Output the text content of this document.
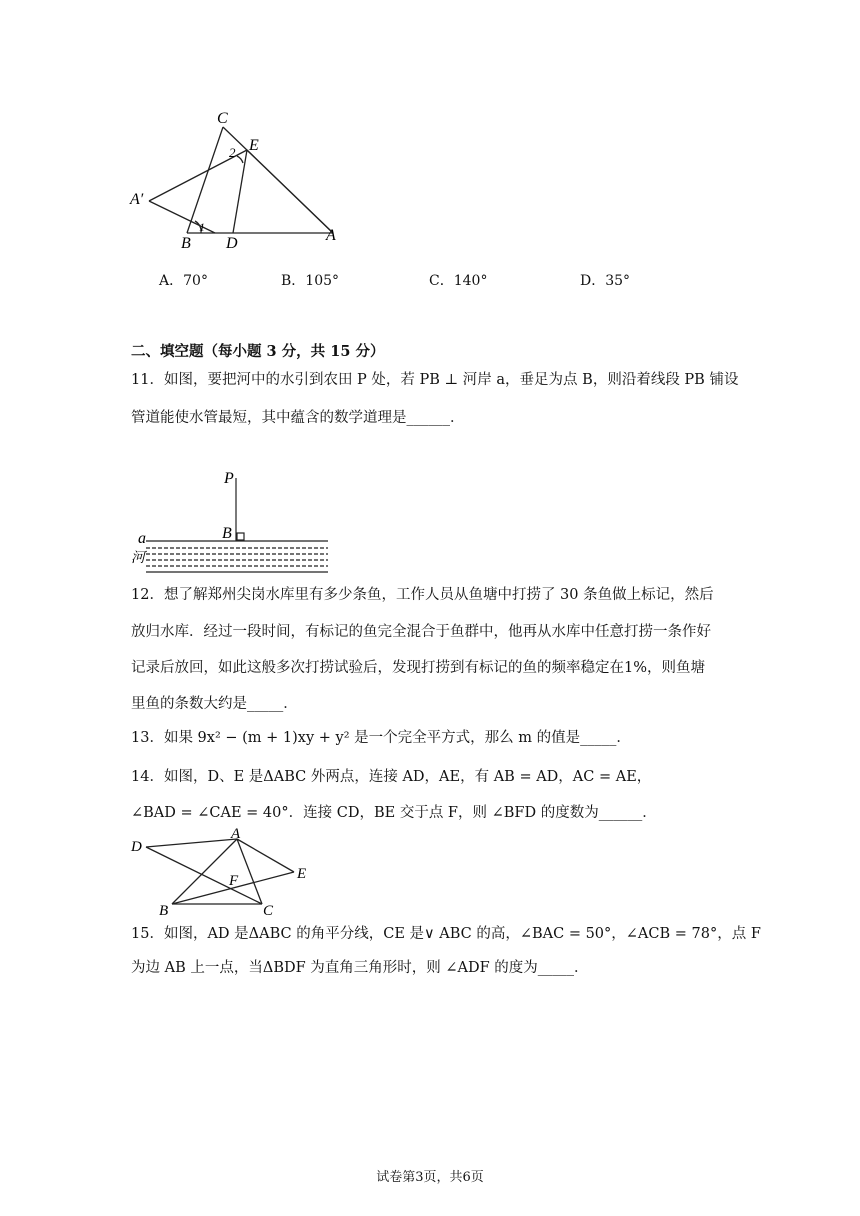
C
E
2
A′
B
1
D	A
A．70°	B．105°	C．140°	D．35°
二、填空题（每小题 3 分，共 15 分）
11．如图，要把河中的水引到农田 P 处，若 PB ⊥ 河岸 a，垂足为点 B，则沿着线段 PB 铺设
管道能使水管最短，其中蕴含的数学道理是______．
P
B
a
河
12．想了解郑州尖岗水库里有多少条鱼，工作人员从鱼塘中打捞了 30 条鱼做上标记，然后
放归水库．经过一段时间，有标记的鱼完全混合于鱼群中，他再从水库中任意打捞一条作好
记录后放回，如此这般多次打捞试验后，发现打捞到有标记的鱼的频率稳定在1%，则鱼塘
里鱼的条数大约是_____．
13．如果 9x² − (m + 1)xy + y² 是一个完全平方式，那么 m 的值是_____．
14．如图，D、E 是ΔABC 外两点，连接 AD，AE，有 AB = AD，AC = AE，
∠BAD = ∠CAE = 40°．连接 CD，BE 交于点 F，则 ∠BFD 的度数为______．
A
D
E
F
B	C
15．如图，AD 是ΔABC 的角平分线，CE 是∨ ABC 的高，∠BAC = 50°，∠ACB = 78°，点 F
为边 AB 上一点，当ΔBDF 为直角三角形时，则 ∠ADF 的度为_____．
试卷第3页，共6页
